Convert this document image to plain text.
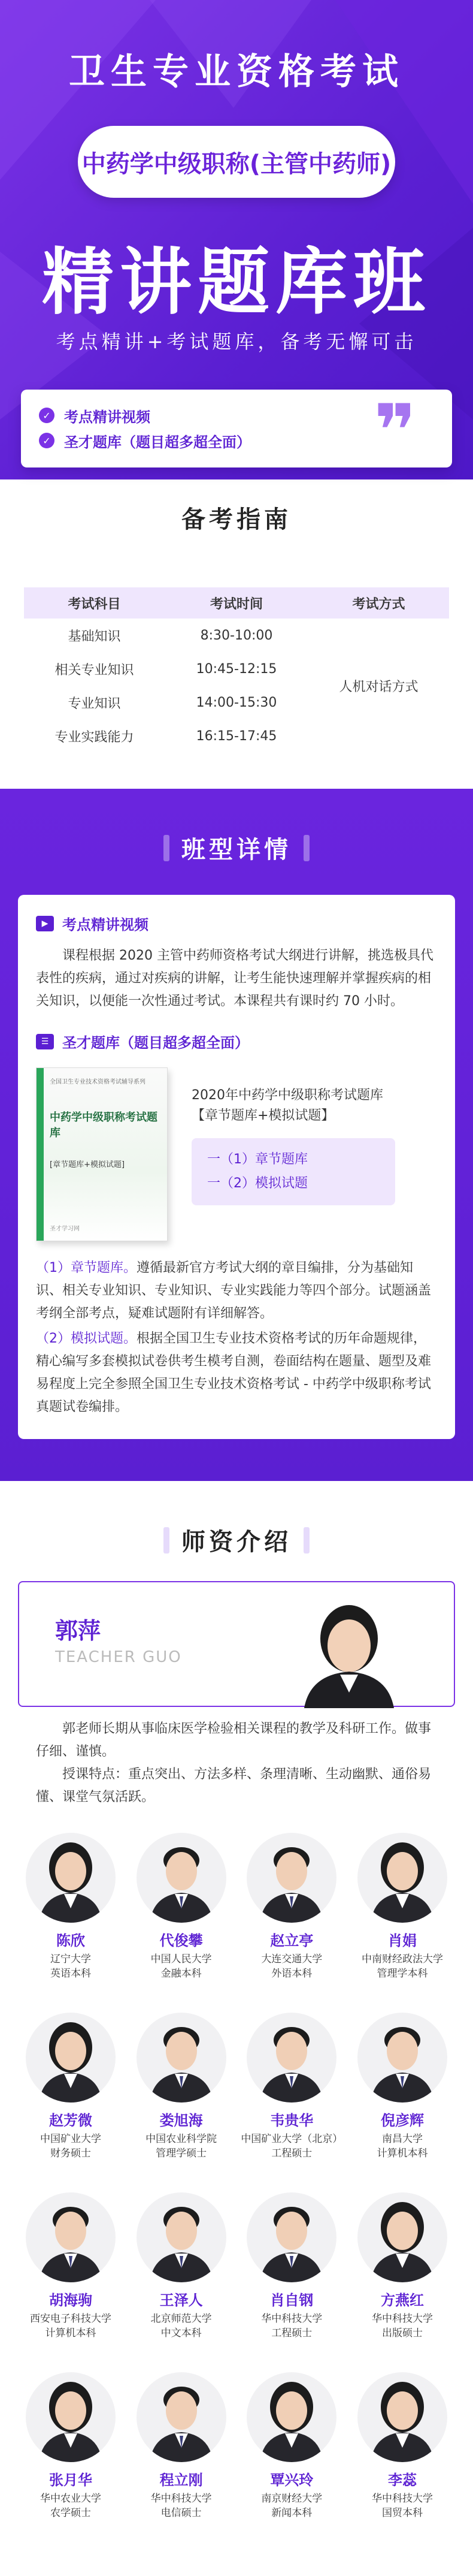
卫生专业资格考试
中药学中级职称(主管中药师)
精讲题库班
考点精讲+考试题库，备考无懈可击
✓ 考点精讲视频
✓ 圣才题库（题目超多超全面） ❞
备考指南
考试科目	考试时间	考试方式
基础知识	8:30-10:00	人机对话方式
相关专业知识	10:45-12:15	
专业知识	14:00-15:30	
专业实践能力	16:15-17:45	
班型详情
▶ 考点精讲视频

课程根据 2020 主管中药师资格考试大纲进行讲解，挑选极具代表性的疾病，通过对疾病的讲解，让考生能快速理解并掌握疾病的相关知识，以便能一次性通过考试。本课程共有课时约 70 小时。

☰ 圣才题库（题目超多超全面）
全国卫生专业技术资格考试辅导系列
中药学中级职称考试题库
[章节题库+模拟试题]
圣才学习网
2020年中药学中级职称考试题库
【章节题库+模拟试题】
一（1）章节题库
一（2）模拟试题

（1）章节题库。遵循最新官方考试大纲的章目编排，分为基础知识、相关专业知识、专业知识、专业实践能力等四个部分。试题涵盖考纲全部考点，疑难试题附有详细解答。

（2）模拟试题。根据全国卫生专业技术资格考试的历年命题规律，精心编写多套模拟试卷供考生模考自测，卷面结构在题量、题型及难易程度上完全参照全国卫生专业技术资格考试 - 中药学中级职称考试真题试卷编排。

师资介绍
郭萍
TEACHER GUO

郭老师长期从事临床医学检验相关课程的教学及科研工作。做事仔细、谨慎。

授课特点：重点突出、方法多样、条理清晰、生动幽默、通俗易懂、课堂气氛活跃。

陈欣
辽宁大学
英语本科
代俊攀
中国人民大学
金融本科
赵立亭
大连交通大学
外语本科
肖娟
中南财经政法大学
管理学本科
赵芳微
中国矿业大学
财务硕士
娄旭海
中国农业科学院
管理学硕士
韦贵华
中国矿业大学（北京）
工程硕士
倪彦辉
南昌大学
计算机本科
胡海驹
西安电子科技大学
计算机本科
王泽人
北京师范大学
中文本科
肖自钢
华中科技大学
工程硕士
方燕红
华中科技大学
出版硕士
张月华
华中农业大学
农学硕士
程立刚
华中科技大学
电信硕士
覃兴玲
南京财经大学
新闻本科
李蕊
华中科技大学
国贸本科
